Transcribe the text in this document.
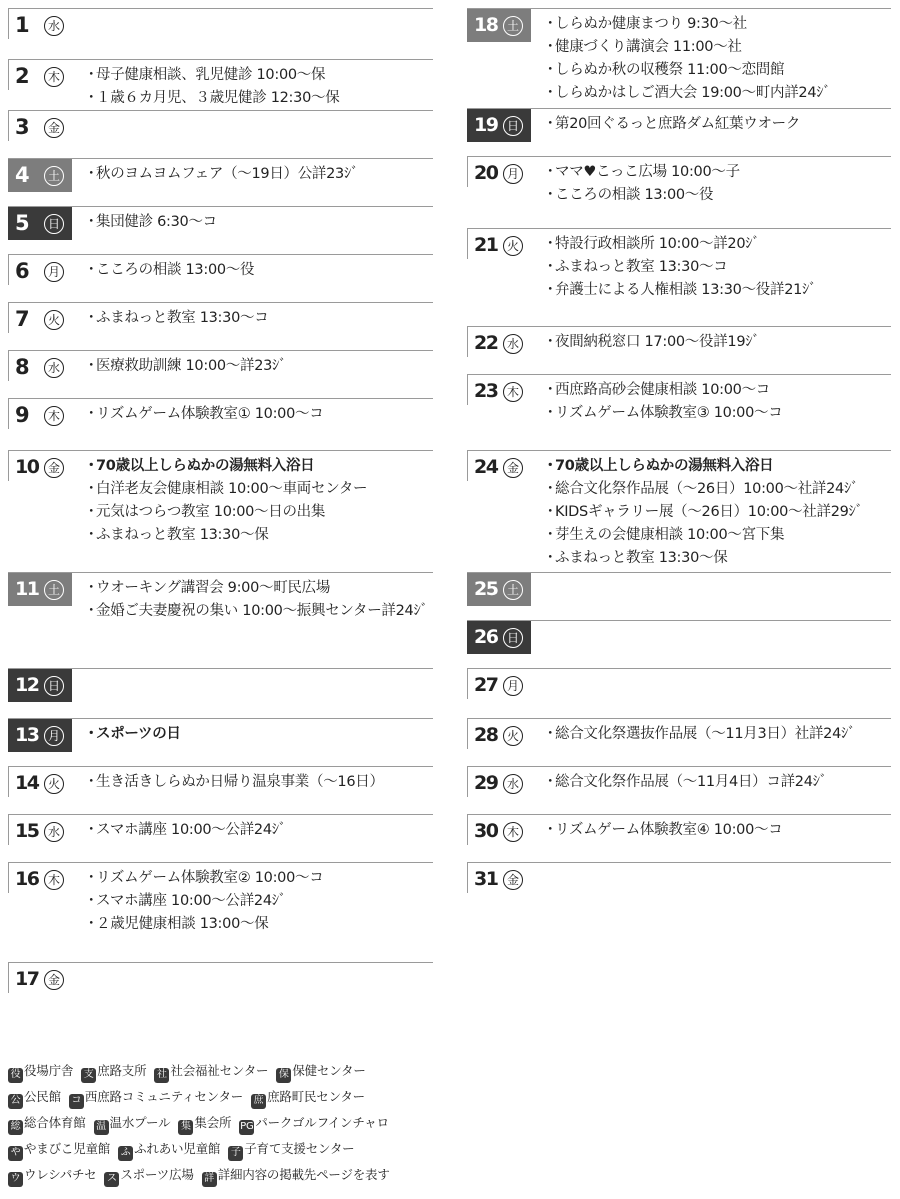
1	水
2	木 ・母子健康相談、乳児健診 10:00〜保
・１歳６カ月児、３歳児健診 12:30〜保
3	金
4	土 ・秋のヨムヨムフェア（〜19日）公詳23ｼﾞ
5	日 ・集団健診 6:30〜コ
6	月 ・こころの相談 13:00〜役
7	火 ・ふまねっと教室 13:30〜コ
8	水 ・医療救助訓練 10:00〜詳23ｼﾞ
9	木 ・リズムゲーム体験教室① 10:00〜コ
10 金 ・70歳以上しらぬかの湯無料入浴日
・白洋老友会健康相談 10:00〜車両センター
・元気はつらつ教室 10:00〜日の出集
・ふまねっと教室 13:30〜保
11 土 ・ウオーキング講習会 9:00〜町民広場
・金婚ご夫妻慶祝の集い 10:00〜振興センター詳24ｼﾞ
12 日
13 月 ・スポーツの日
14 火 ・生き活きしらぬか日帰り温泉事業（〜16日）
15 水 ・スマホ講座 10:00〜公詳24ｼﾞ
16 木 ・リズムゲーム体験教室② 10:00〜コ
・スマホ講座 10:00〜公詳24ｼﾞ
・２歳児健康相談 13:00〜保
17 金
18 土 ・しらぬか健康まつり 9:30〜社
・健康づくり講演会 11:00〜社
・しらぬか秋の収穫祭 11:00〜恋問館
・しらぬかはしご酒大会 19:00〜町内詳24ｼﾞ
19 日 ・第20回ぐるっと庶路ダム紅葉ウオーク
20 月 ・ママ♥こっこ広場 10:00〜子
・こころの相談 13:00〜役
21 火 ・特設行政相談所 10:00〜詳20ｼﾞ
・ふまねっと教室 13:30〜コ
・弁護士による人権相談 13:30〜役詳21ｼﾞ
22 水 ・夜間納税窓口 17:00〜役詳19ｼﾞ
23 木 ・西庶路高砂会健康相談 10:00〜コ
・リズムゲーム体験教室③ 10:00〜コ
24 金 ・70歳以上しらぬかの湯無料入浴日
・総合文化祭作品展（〜26日）10:00〜社詳24ｼﾞ
・KIDSギャラリー展（〜26日）10:00〜社詳29ｼﾞ
・芽生えの会健康相談 10:00〜宮下集
・ふまねっと教室 13:30〜保
25 土
26 日
27 月
28 火 ・総合文化祭選抜作品展（〜11月3日）社詳24ｼﾞ
29 水 ・総合文化祭作品展（〜11月4日）コ詳24ｼﾞ
30 木 ・リズムゲーム体験教室④ 10:00〜コ
31 金
役 役場庁舎 支 庶路支所 社 社会福祉センター 保 保健センター
公 公民館 コ 西庶路コミュニティセンター 庶 庶路町民センター
総 総合体育館 温 温水プール 集 集会所 PG パークゴルフインチャロ
や やまびこ児童館 ふ ふれあい児童館 子 子育て支援センター
ウ ウレシパチセ ス スポーツ広場 詳 詳細内容の掲載先ページを表す
